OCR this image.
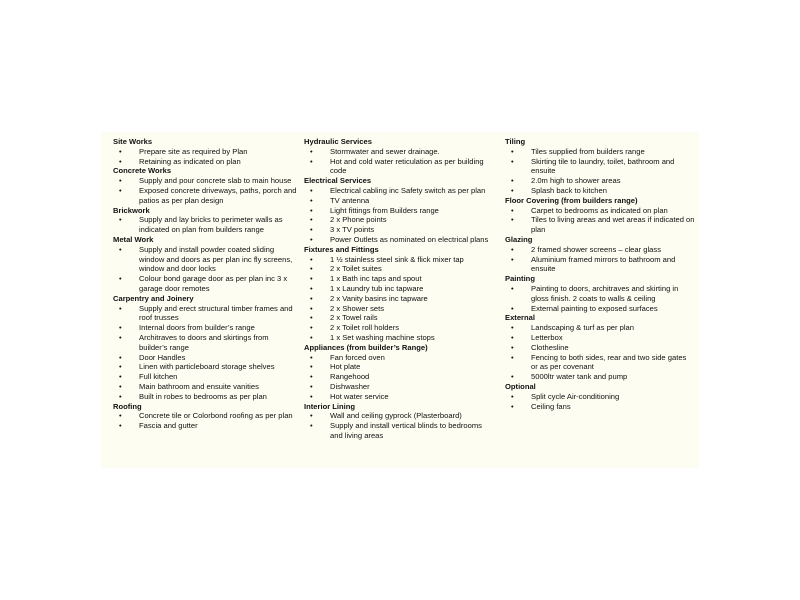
Site Works
• Prepare site as required by Plan
• Retaining as indicated on plan
Concrete Works
• Supply and pour concrete slab to main house
• Exposed concrete driveways, paths, porch and patios as per plan design
Brickwork
• Supply and lay bricks to perimeter walls as indicated on plan from builders range
Metal Work
• Supply and install powder coated sliding window and doors as per plan inc fly screens, window and door locks
• Colour bond garage door as per plan inc 3 x garage door remotes
Carpentry and Joinery
• Supply and erect structural timber frames and roof trusses
• Internal doors from builder’s range
• Architraves to doors and skirtings from builder’s range
• Door Handles
• Linen with particleboard storage shelves
• Full kitchen
• Main bathroom and ensuite vanities
• Built in robes to bedrooms as per plan
Roofing
• Concrete tile or Colorbond roofing as per plan
• Fascia and gutter
Hydraulic Services
• Stormwater and sewer drainage.
• Hot and cold water reticulation as per building code
Electrical Services
• Electrical cabling inc Safety switch as per plan
• TV antenna
• Light fittings from Builders range
• 2 x Phone points
• 3 x TV points
• Power Outlets as nominated on electrical plans
Fixtures and Fittings
• 1 ½ stainless steel sink & flick mixer tap
• 2 x Toilet suites
• 1 x Bath inc taps and spout
• 1 x Laundry tub inc tapware
• 2 x Vanity basins inc tapware
• 2 x Shower sets
• 2 x Towel rails
• 2 x Toilet roll holders
• 1 x Set washing machine stops
Appliances (from builder’s Range)
• Fan forced oven
• Hot plate
• Rangehood
• Dishwasher
• Hot water service
Interior Lining
• Wall and ceiling gyprock (Plasterboard)
• Supply and install vertical blinds to bedrooms and living areas
Tiling
• Tiles supplied from builders range
• Skirting tile to laundry, toilet, bathroom and ensuite
• 2.0m high to shower areas
• Splash back to kitchen
Floor Covering (from builders range)
• Carpet to bedrooms as indicated on plan
• Tiles to living areas and wet areas if indicated on plan
Glazing
• 2 framed shower screens – clear glass
• Aluminium framed mirrors to bathroom and ensuite
Painting
• Painting to doors, architraves and skirting in gloss finish. 2 coats to walls & ceiling
• External painting to exposed surfaces
External
• Landscaping & turf as per plan
• Letterbox
• Clothesline
• Fencing to both sides, rear and two side gates or as per covenant
• 5000ltr water tank and pump
Optional
• Split cycle Air-conditioning
• Ceiling fans
